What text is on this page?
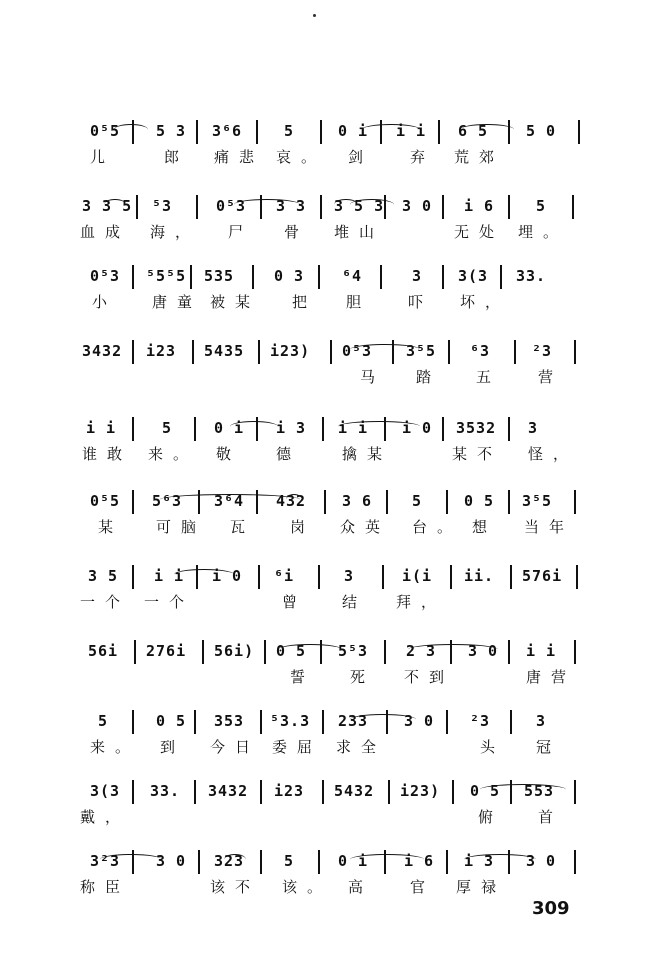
0⁵5 5 3 3⁶6	5	0 i i i 6 5	5 0
儿	郎 痛悲 哀。 剑 弃 荒郊
3 3 5 ⁵3	0⁵3 3 3 3 5 3 3 0 i 6	5
血成 海， 尸 骨 堆山	无处 埋。
0⁵3 ⁵5⁵5 535	0 3	⁶4	3 3(3 33.
小 唐童 被某 把 胆 吓 坏，
3432 i23 5435 i23) 0⁵3 3⁵5 ⁶3	²3
马 踏 五 营
i i	5	0 i i 3 i i i 0 3532 3
谁敢 来。 敬 德	擒某	某不 怪，
0⁵5 5⁶3 3⁶4 432 3 6	5	0 5 3⁵5
某 可脑 瓦 岗 众英 台。 想 当年
3 5 i i i 0 ⁶i	3	i(i ii. 576i
一个 一个	曾 结 拜，
56i 276i 56i) 0 5 5⁵3	2 3 3 0 i i
誓 死 不到	唐营
5	0 5 353 ⁵3.3 233 3 0 ²3	3
来。 到 今日 委屈 求全	头 冠
3(3 33. 3432 i23 5432 i23) 0 5 553
戴，	俯 首
3²3 3 0 323	5	0 i i 6 i 3 3 0
称臣	该不 该。 高 官 厚禄
309
